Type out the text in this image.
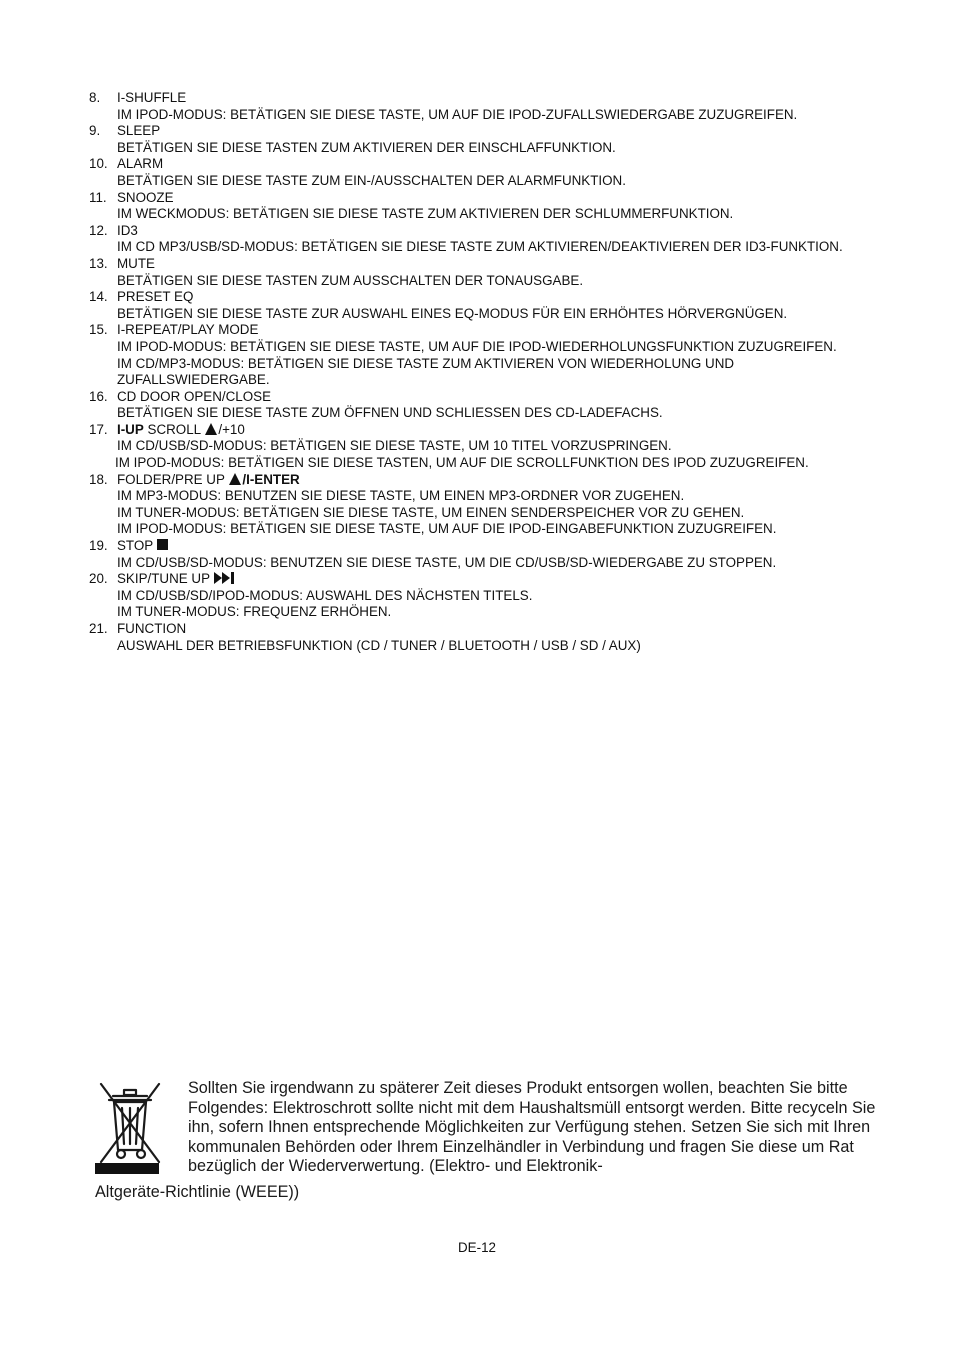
8. I-SHUFFLE
IM IPOD-MODUS: BETÄTIGEN SIE DIESE TASTE, UM AUF DIE IPOD-ZUFALLSWIEDERGABE ZUZUGREIFEN.
9. SLEEP
BETÄTIGEN SIE DIESE TASTEN ZUM AKTIVIEREN DER EINSCHLAFFUNKTION.
10. ALARM
BETÄTIGEN SIE DIESE TASTE ZUM EIN-/AUSSCHALTEN DER ALARMFUNKTION.
11. SNOOZE
IM WECKMODUS: BETÄTIGEN SIE DIESE TASTE ZUM AKTIVIEREN DER SCHLUMMERFUNKTION.
12. ID3
IM CD MP3/USB/SD-MODUS: BETÄTIGEN SIE DIESE TASTE ZUM AKTIVIEREN/DEAKTIVIEREN DER ID3-FUNKTION.
13. MUTE
BETÄTIGEN SIE DIESE TASTEN ZUM AUSSCHALTEN DER TONAUSGABE.
14. PRESET EQ
BETÄTIGEN SIE DIESE TASTE ZUR AUSWAHL EINES EQ-MODUS FÜR EIN ERHÖHTES HÖRVERGNÜGEN.
15. I-REPEAT/PLAY MODE
IM IPOD-MODUS: BETÄTIGEN SIE DIESE TASTE, UM AUF DIE IPOD-WIEDERHOLUNGSFUNKTION ZUZUGREIFEN.
IM CD/MP3-MODUS: BETÄTIGEN SIE DIESE TASTE ZUM AKTIVIEREN VON WIEDERHOLUNG UND ZUFALLSWIEDERGABE.
16. CD DOOR OPEN/CLOSE
BETÄTIGEN SIE DIESE TASTE ZUM ÖFFNEN UND SCHLIESSEN DES CD-LADEFACHS.
17. I-UP SCROLL /+10
IM CD/USB/SD-MODUS: BETÄTIGEN SIE DIESE TASTE, UM 10 TITEL VORZUSPRINGEN.
IM IPOD-MODUS: BETÄTIGEN SIE DIESE TASTEN, UM AUF DIE SCROLLFUNKTION DES IPOD ZUZUGREIFEN.
18. FOLDER/PRE UP /I-ENTER
IM MP3-MODUS: BENUTZEN SIE DIESE TASTE, UM EINEN MP3-ORDNER VOR ZUGEHEN.
IM TUNER-MODUS: BETÄTIGEN SIE DIESE TASTE, UM EINEN SENDERSPEICHER VOR ZU GEHEN.
IM IPOD-MODUS: BETÄTIGEN SIE DIESE TASTE, UM AUF DIE IPOD-EINGABEFUNKTION ZUZUGREIFEN.
19. STOP
IM CD/USB/SD-MODUS: BENUTZEN SIE DIESE TASTE, UM DIE CD/USB/SD-WIEDERGABE ZU STOPPEN.
20. SKIP/TUNE UP
IM CD/USB/SD/IPOD-MODUS: AUSWAHL DES NÄCHSTEN TITELS.
IM TUNER-MODUS: FREQUENZ ERHÖHEN.
21. FUNCTION
AUSWAHL DER BETRIEBSFUNKTION (CD / TUNER / BLUETOOTH / USB / SD / AUX)
Sollten Sie irgendwann zu späterer Zeit dieses Produkt entsorgen wollen, beachten Sie bitte Folgendes: Elektroschrott sollte nicht mit dem Haushaltsmüll entsorgt werden. Bitte recyceln Sie ihn, sofern Ihnen entsprechende Möglichkeiten zur Verfügung stehen. Setzen Sie sich mit Ihren kommunalen Behörden oder Ihrem Einzelhändler in Verbindung und fragen Sie diese um Rat bezüglich der Wiederverwertung. (Elektro- und Elektronik-
Altgeräte-Richtlinie (WEEE))
DE-12
